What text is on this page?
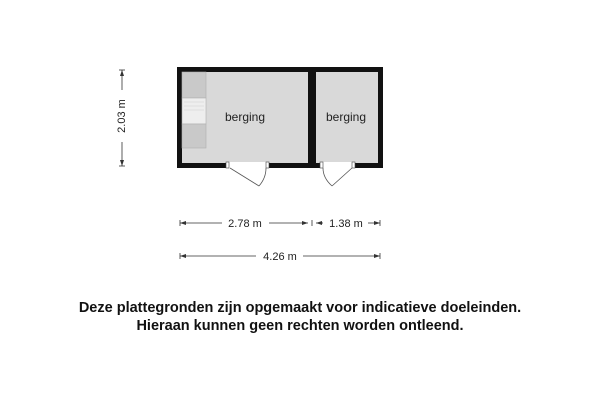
berging	berging
2.03 m
2.78 m	1.38 m
4.26 m
Deze plattegronden zijn opgemaakt voor indicatieve doeleinden.
Hieraan kunnen geen rechten worden ontleend.
